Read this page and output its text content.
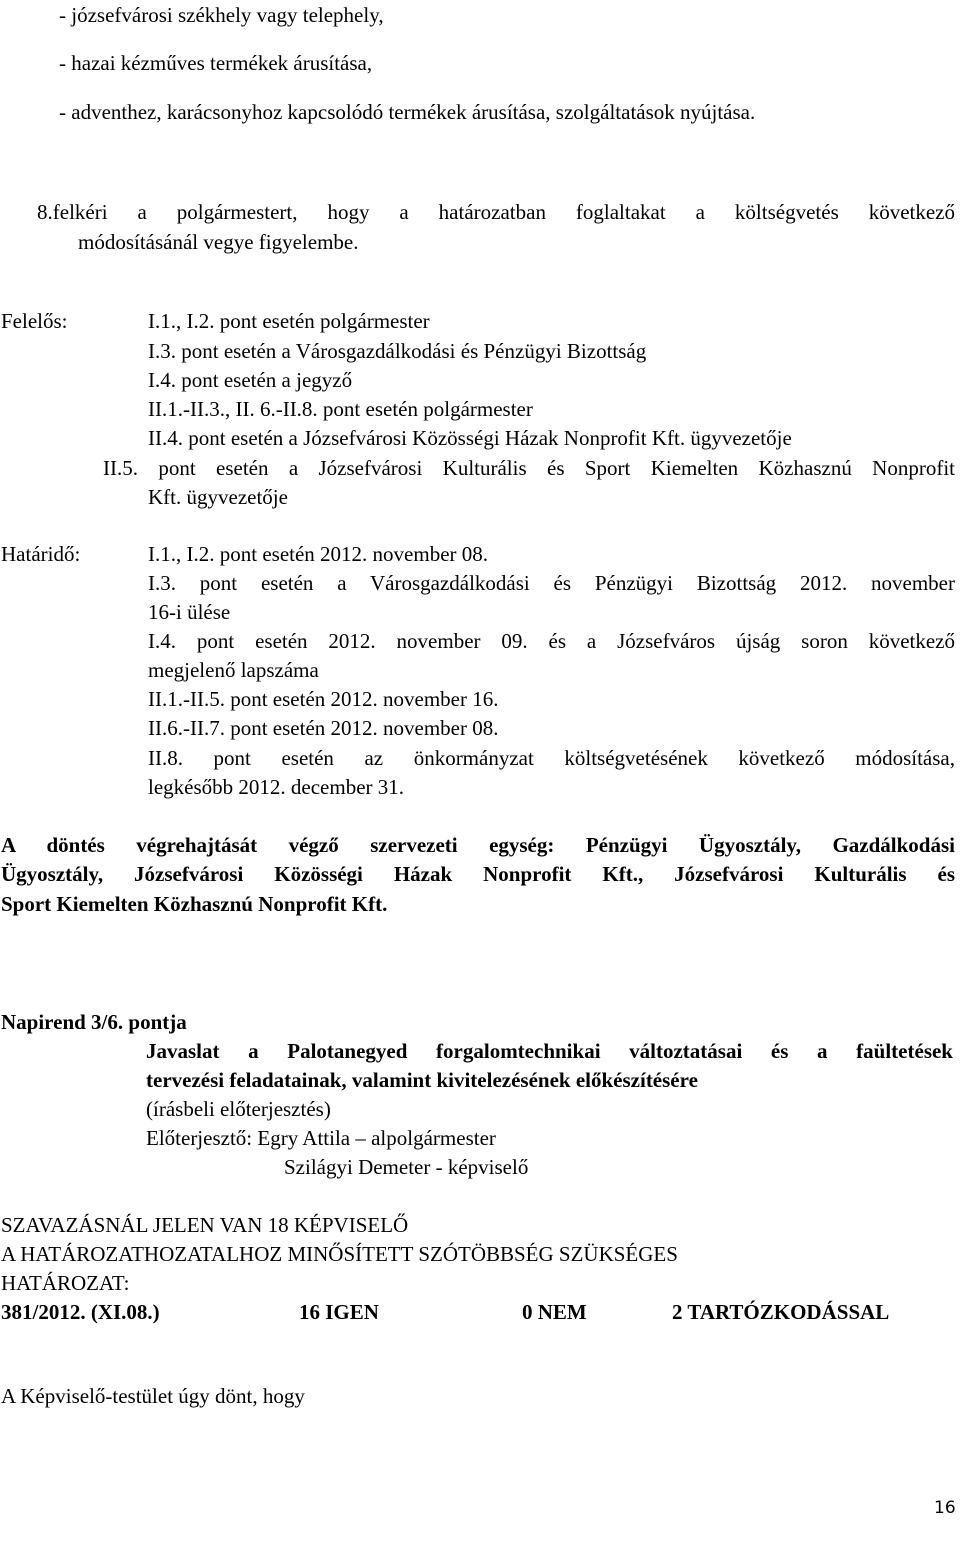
- józsefvárosi székhely vagy telephely,
- hazai kézműves termékek árusítása,
- adventhez, karácsonyhoz kapcsolódó termékek árusítása, szolgáltatások nyújtása.
8.felkéri a polgármestert, hogy a határozatban foglaltakat a költségvetés következő
módosításánál vegye figyelembe.
Felelős:	I.1., I.2. pont esetén polgármester
I.3. pont esetén a Városgazdálkodási és Pénzügyi Bizottság
I.4. pont esetén a jegyző
II.1.-II.3., II. 6.-II.8. pont esetén polgármester
II.4. pont esetén a Józsefvárosi Közösségi Házak Nonprofit Kft. ügyvezetője
II.5. pont esetén a Józsefvárosi Kulturális és Sport Kiemelten Közhasznú Nonprofit
Kft. ügyvezetője
Határidő:	I.1., I.2. pont esetén 2012. november 08.
I.3. pont esetén a Városgazdálkodási és Pénzügyi Bizottság 2012. november
16-i ülése
I.4. pont esetén 2012. november 09. és a Józsefváros újság soron következő
megjelenő lapszáma
II.1.-II.5. pont esetén 2012. november 16.
II.6.-II.7. pont esetén 2012. november 08.
II.8. pont esetén az önkormányzat költségvetésének következő módosítása,
legkésőbb 2012. december 31.
A döntés végrehajtását végző szervezeti egység: Pénzügyi Ügyosztály, Gazdálkodási
Ügyosztály, Józsefvárosi Közösségi Házak Nonprofit Kft., Józsefvárosi Kulturális és
Sport Kiemelten Közhasznú Nonprofit Kft.
Napirend 3/6. pontja
Javaslat a Palotanegyed forgalomtechnikai változtatásai és a faültetések
tervezési feladatainak, valamint kivitelezésének előkészítésére
(írásbeli előterjesztés)
Előterjesztő: Egry Attila – alpolgármester
Szilágyi Demeter - képviselő
SZAVAZÁSNÁL JELEN VAN 18 KÉPVISELŐ
A HATÁROZATHOZATALHOZ MINŐSÍTETT SZÓTÖBBSÉG SZÜKSÉGES
HATÁROZAT:
381/2012. (XI.08.)	16 IGEN	0 NEM	2 TARTÓZKODÁSSAL
A Képviselő-testület úgy dönt, hogy
16
